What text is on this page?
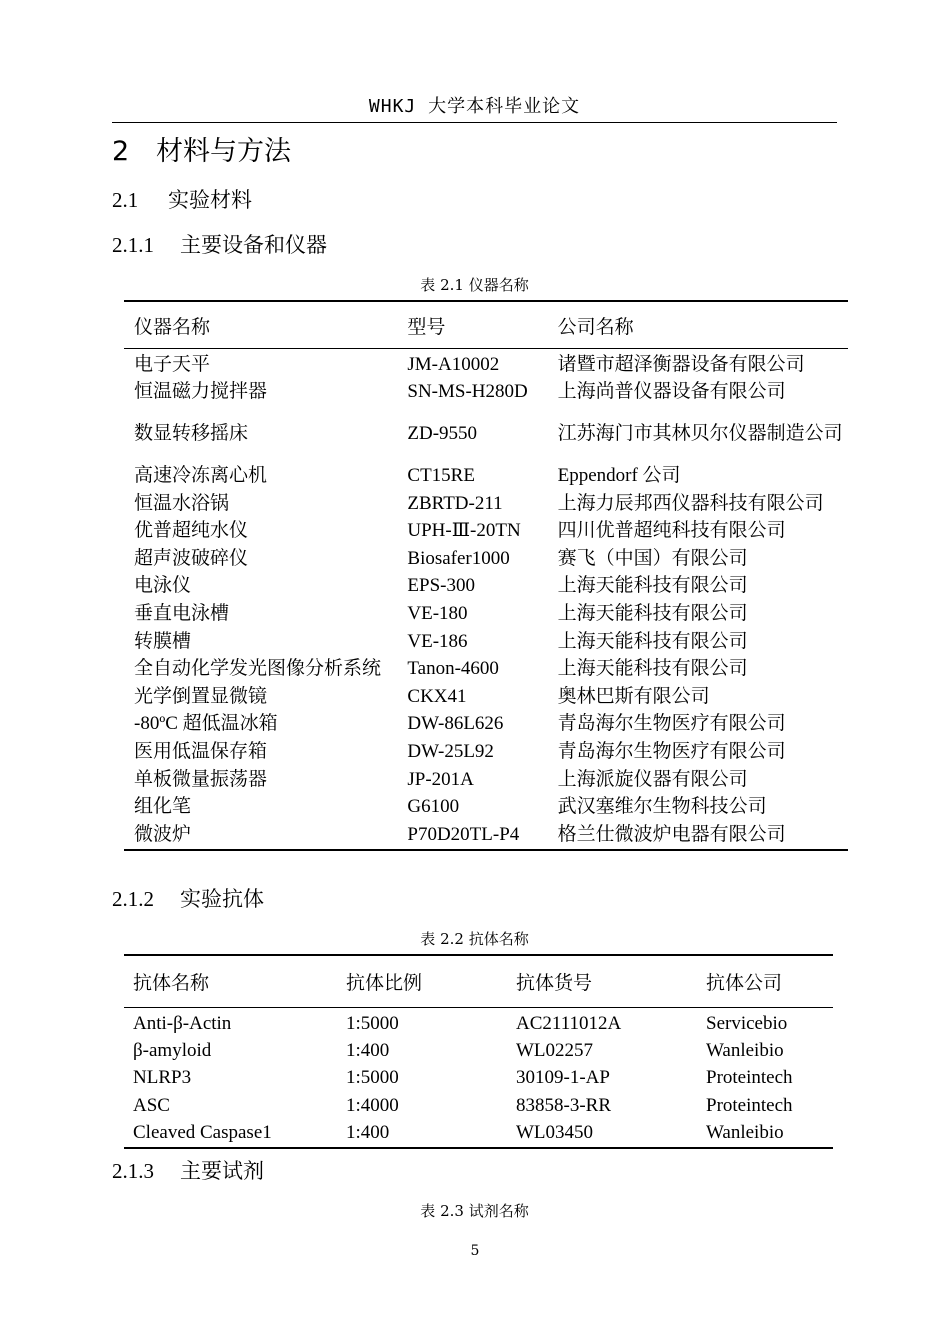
WHKJ 大学本科毕业论文
2 材料与方法
2.1 实验材料
2.1.1 主要设备和仪器
表 2.1 仪器名称
仪器名称	型号	公司名称
电子天平	JM-A10002	诸暨市超泽衡器设备有限公司
恒温磁力搅拌器	SN-MS-H280D	上海尚普仪器设备有限公司
数显转移摇床	ZD-9550	江苏海门市其林贝尔仪器制造公司
高速冷冻离心机	CT15RE	Eppendorf 公司
恒温水浴锅	ZBRTD-211	上海力辰邦西仪器科技有限公司
优普超纯水仪	UPH-Ⅲ-20TN	四川优普超纯科技有限公司
超声波破碎仪	Biosafer1000	赛飞（中国）有限公司
电泳仪	EPS-300	上海天能科技有限公司
垂直电泳槽	VE-180	上海天能科技有限公司
转膜槽	VE-186	上海天能科技有限公司
全自动化学发光图像分析系统	Tanon-4600	上海天能科技有限公司
光学倒置显微镜	CKX41	奥林巴斯有限公司
-80ºC 超低温冰箱	DW-86L626	青岛海尔生物医疗有限公司
医用低温保存箱	DW-25L92	青岛海尔生物医疗有限公司
单板微量振荡器	JP-201A	上海派旋仪器有限公司
组化笔	G6100	武汉塞维尔生物科技公司
微波炉	P70D20TL-P4	格兰仕微波炉电器有限公司
2.1.2 实验抗体
表 2.2 抗体名称
抗体名称	抗体比例	抗体货号	抗体公司
Anti-β-Actin	1:5000	AC2111012A	Servicebio
β-amyloid	1:400	WL02257	Wanleibio
NLRP3	1:5000	30109-1-AP	Proteintech
ASC	1:4000	83858-3-RR	Proteintech
Cleaved Caspase1	1:400	WL03450	Wanleibio
2.1.3 主要试剂
表 2.3 试剂名称
5
